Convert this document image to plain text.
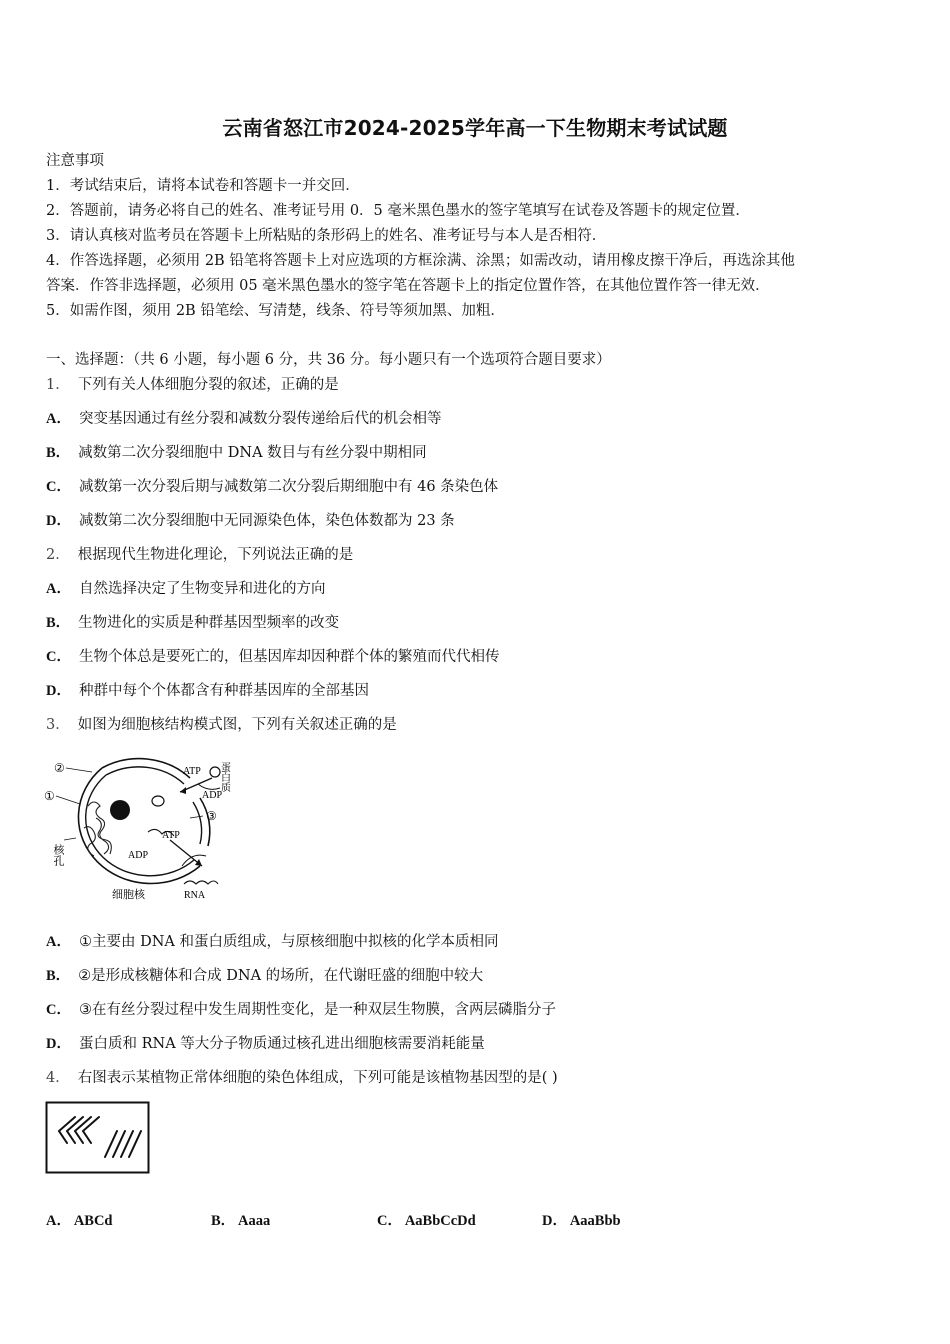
云南省怒江市2024-2025学年高一下生物期末考试试题
注意事项
1．考试结束后，请将本试卷和答题卡一并交回．
2．答题前，请务必将自己的姓名、准考证号用 0．5 毫米黑色墨水的签字笔填写在试卷及答题卡的规定位置．
3．请认真核对监考员在答题卡上所粘贴的条形码上的姓名、准考证号与本人是否相符．
4．作答选择题，必须用 2B 铅笔将答题卡上对应选项的方框涂满、涂黑；如需改动，请用橡皮擦干净后，再选涂其他
答案．作答非选择题，必须用 05 毫米黑色墨水的签字笔在答题卡上的指定位置作答，在其他位置作答一律无效．
5．如需作图，须用 2B 铅笔绘、写清楚，线条、符号等须加黑、加粗．
一、选择题：（共 6 小题，每小题 6 分，共 36 分。每小题只有一个选项符合题目要求）
1． 下列有关人体细胞分裂的叙述，正确的是
A． 突变基因通过有丝分裂和减数分裂传递给后代的机会相等
B． 减数第二次分裂细胞中 DNA 数目与有丝分裂中期相同
C． 减数第一次分裂后期与减数第二次分裂后期细胞中有 46 条染色体
D． 减数第二次分裂细胞中无同源染色体，染色体数都为 23 条
2． 根据现代生物进化理论，下列说法正确的是
A． 自然选择决定了生物变异和进化的方向
B． 生物进化的实质是种群基因型频率的改变
C． 生物个体总是要死亡的，但基因库却因种群个体的繁殖而代代相传
D． 种群中每个个体都含有种群基因库的全部基因
3． 如图为细胞核结构模式图，下列有关叙述正确的是
②
①
③
ATP
ADP
ATP
ADP
蛋白质
核孔
细胞核	RNA
A． ①主要由 DNA 和蛋白质组成，与原核细胞中拟核的化学本质相同
B． ②是形成核糖体和合成 DNA 的场所，在代谢旺盛的细胞中较大
C． ③在有丝分裂过程中发生周期性变化，是一种双层生物膜，含两层磷脂分子
D． 蛋白质和 RNA 等大分子物质通过核孔进出细胞核需要消耗能量
4． 右图表示某植物正常体细胞的染色体组成，下列可能是该植物基因型的是( )
A． ABCd	B． Aaaa	C． AaBbCcDd	D． AaaBbb
